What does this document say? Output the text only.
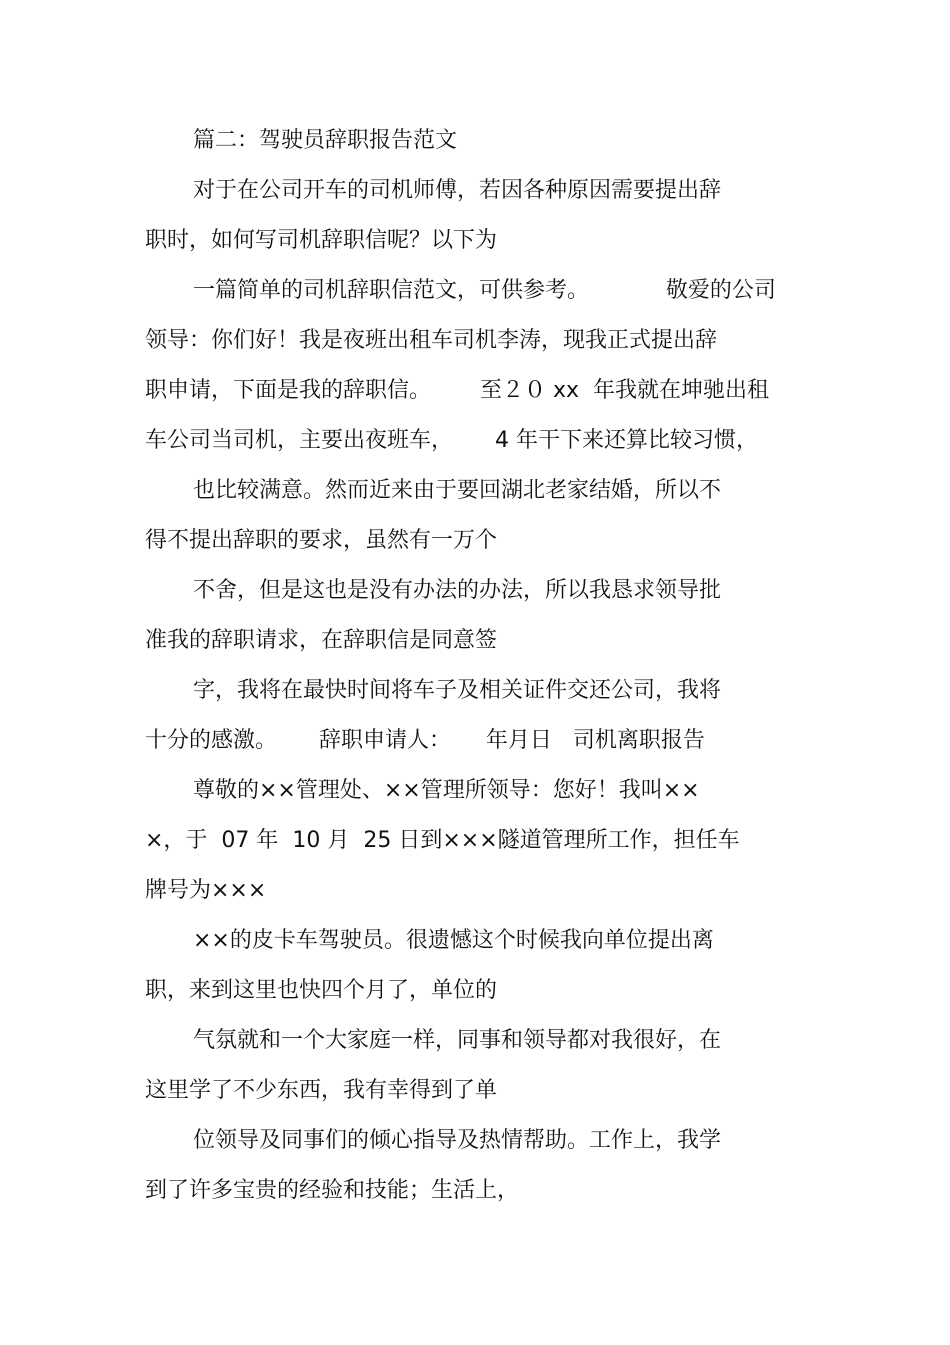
篇二：驾驶员辞职报告范文
对于在公司开车的司机师傅，若因各种原因需要提出辞
职时，如何写司机辞职信呢？以下为
一篇简单的司机辞职信范文，可供参考。           敬爱的公司
领导：你们好！我是夜班出租车司机李涛，现我正式提出辞
职申请，下面是我的辞职信。       至２０ xx  年我就在坤驰出租
车公司当司机，主要出夜班车，      4 年干下来还算比较习惯，
也比较满意。然而近来由于要回湖北老家结婚，所以不
得不提出辞职的要求，虽然有一万个
不舍，但是这也是没有办法的办法，所以我恳求领导批
准我的辞职请求，在辞职信是同意签
字，我将在最快时间将车子及相关证件交还公司，我将
十分的感激。      辞职申请人：     年月日   司机离职报告
尊敬的××管理处、××管理所领导：您好！我叫××
×，于  07 年  10 月  25 日到×××隧道管理所工作，担任车
牌号为×××
××的皮卡车驾驶员。很遗憾这个时候我向单位提出离
职，来到这里也快四个月了，单位的
气氛就和一个大家庭一样，同事和领导都对我很好，在
这里学了不少东西，我有幸得到了单
位领导及同事们的倾心指导及热情帮助。工作上，我学
到了许多宝贵的经验和技能；生活上，
